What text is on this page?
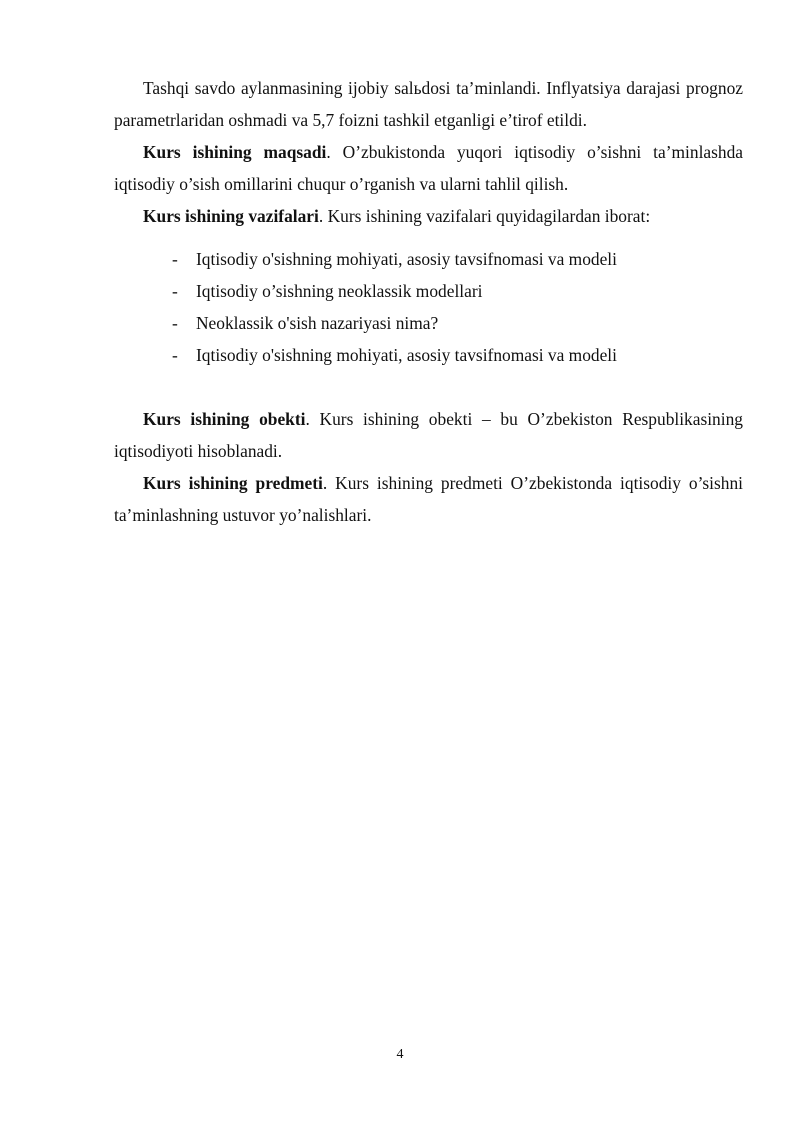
Tashqi savdo aylanmasining ijobiy salьdosi ta’minlandi. Inflyatsiya darajasi prognoz parametrlaridan oshmadi va 5,7 foizni tashkil etganligi e’tirof etildi.

Kurs ishining maqsadi. O’zbukistonda yuqori iqtisodiy o’sishni ta’minlashda iqtisodiy o’sish omillarini chuqur o’rganish va ularni tahlil qilish.

Kurs ishining vazifalari. Kurs ishining vazifalari quyidagilardan iborat:

-	Iqtisodiy o'sishning mohiyati, asosiy tavsifnomasi va modeli
-	Iqtisodiy o’sishning neoklassik modellari
-	Neoklassik o'sish nazariyasi nima?
-	Iqtisodiy o'sishning mohiyati, asosiy tavsifnomasi va modeli

Kurs ishining obekti. Kurs ishining obekti – bu O’zbekiston Respublikasining iqtisodiyoti hisoblanadi.

Kurs ishining predmeti. Kurs ishining predmeti O’zbekistonda iqtisodiy o’sishni ta’minlashning ustuvor yo’nalishlari.

4
